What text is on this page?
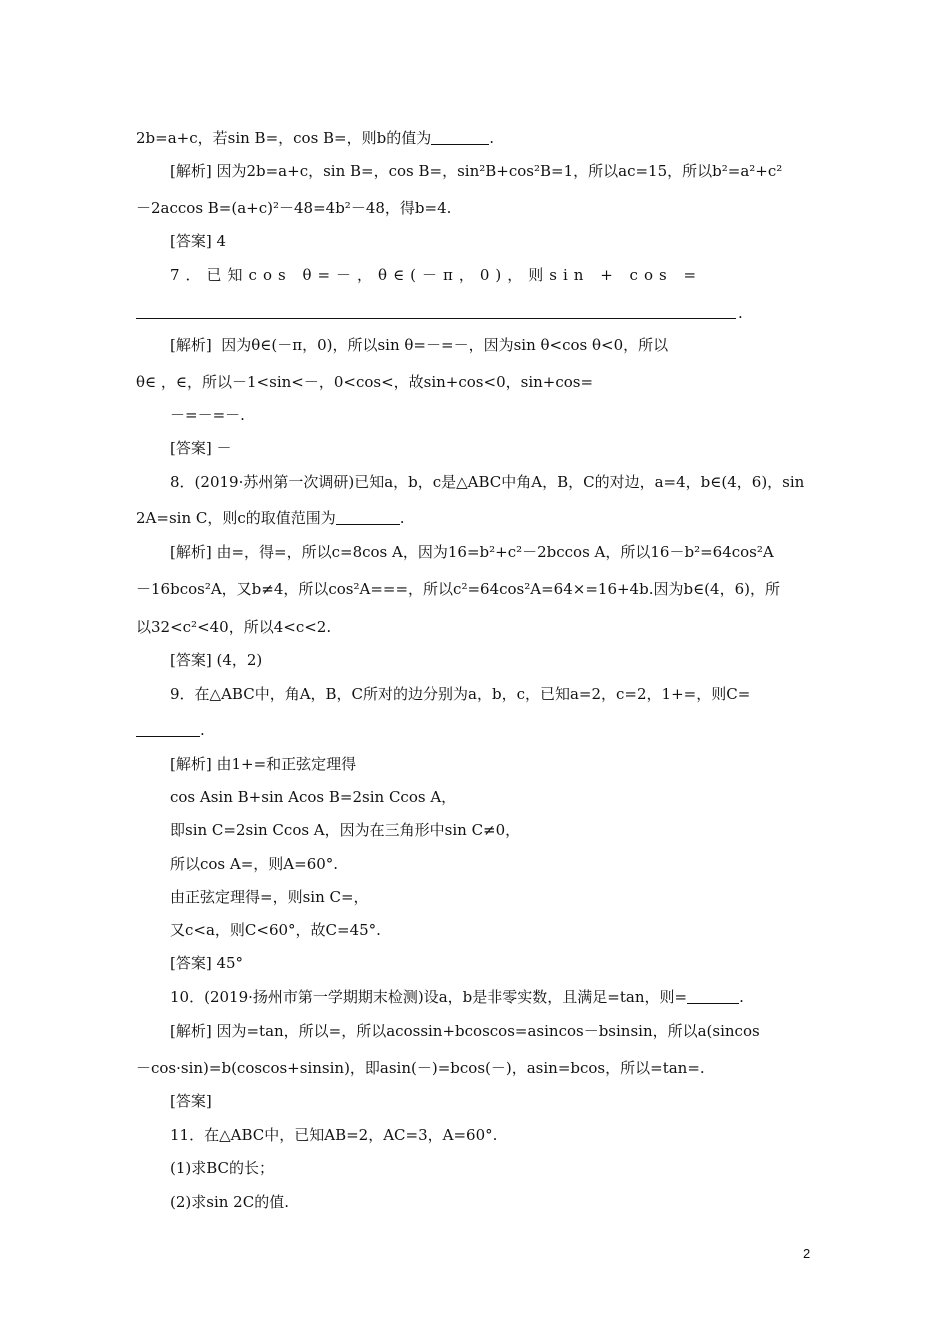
2b=a+c，若sin B=，cos B=，则b的值为	.
[解析] 因为2b=a+c，sin B=，cos B=，sin²B+cos²B=1，所以ac=15，所以b²=a²+c²
－2accos B=(a+c)²－48=4b²－48，得b=4.
[答案] 4
7．已知cos θ=－，θ∈(－π，0)，则sin + cos =
.
[解析]  因为θ∈(－π，0)，所以sin θ=－=－，因为sin θ<cos θ<0，所以
θ∈ ，∈，所以－1<sin<－，0<cos<，故sin+cos<0，sin+cos=
－=－=－.
[答案] －
8．(2019·苏州第一次调研)已知a，b，c是△ABC中角A，B，C的对边，a=4，b∈(4，6)，sin
2A=sin C，则c的取值范围为	.
[解析] 由=，得=，所以c=8cos A，因为16=b²+c²－2bccos A，所以16－b²=64cos²A
－16bcos²A，又b≠4，所以cos²A===，所以c²=64cos²A=64×=16+4b.因为b∈(4，6)，所
以32<c²<40，所以4<c<2.
[答案] (4，2)
9．在△ABC中，角A，B，C所对的边分别为a，b，c，已知a=2，c=2，1+=，则C=
.
[解析] 由1+=和正弦定理得
cos Asin B+sin Acos B=2sin Ccos A，
即sin C=2sin Ccos A，因为在三角形中sin C≠0，
所以cos A=，则A=60°.
由正弦定理得=，则sin C=，
又c<a，则C<60°，故C=45°.
[答案] 45°
10．(2019·扬州市第一学期期末检测)设a，b是非零实数，且满足=tan，则=	.
[解析] 因为=tan，所以=，所以acossin+bcoscos=asincos－bsinsin，所以a(sincos
－cos·sin)=b(coscos+sinsin)，即asin(－)=bcos(－)，asin=bcos，所以=tan=.
[答案]
11．在△ABC中，已知AB=2，AC=3，A=60°.
(1)求BC的长；
(2)求sin 2C的值.
2
